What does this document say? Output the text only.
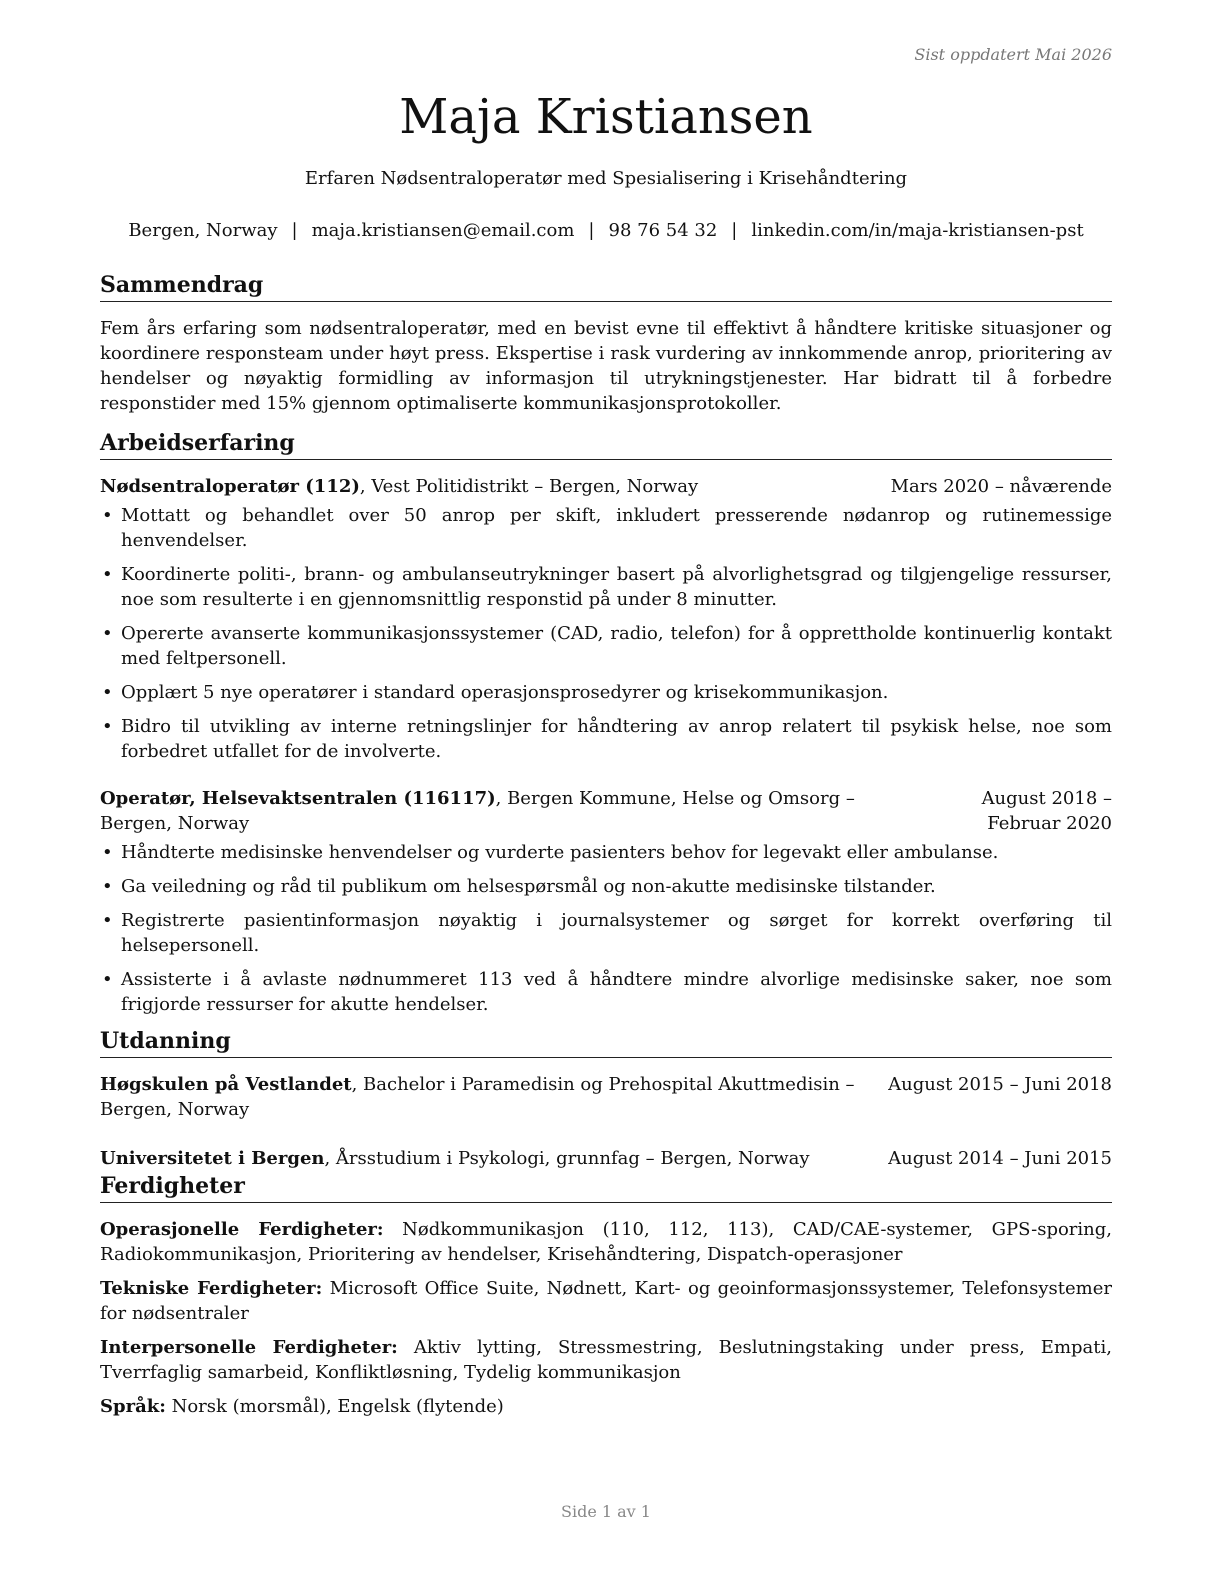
Sist oppdatert Mai 2026
Maja Kristiansen
Erfaren Nødsentraloperatør med Spesialisering i Krisehåndtering
Bergen, Norway | maja.kristiansen@email.com | 98 76 54 32 | linkedin.com/in/maja-kristiansen-pst
Sammendrag
Fem års erfaring som nødsentraloperatør, med en bevist evne til effektivt å håndtere kritiske situasjoner og koordinere responsteam under høyt press. Ekspertise i rask vurdering av innkommende anrop, prioritering av hendelser og nøyaktig formidling av informasjon til utrykningstjenester. Har bidratt til å forbedre responstider med 15% gjennom optimaliserte kommunikasjonsprotokoller.
Arbeidserfaring
Nødsentraloperatør (112), Vest Politidistrikt – Bergen, Norway	Mars 2020 – nåværende
• Mottatt og behandlet over 50 anrop per skift, inkludert presserende nødanrop og rutinemessige henvendelser.
• Koordinerte politi-, brann- og ambulanseutrykninger basert på alvorlighetsgrad og tilgjengelige ressurser, noe som resulterte i en gjennomsnittlig responstid på under 8 minutter.
• Opererte avanserte kommunikasjonssystemer (CAD, radio, telefon) for å opprettholde kontinuerlig kontakt med feltpersonell.
• Opplært 5 nye operatører i standard operasjonsprosedyrer og krisekommunikasjon.
• Bidro til utvikling av interne retningslinjer for håndtering av anrop relatert til psykisk helse, noe som forbedret utfallet for de involverte.
Operatør, Helsevaktsentralen (116117), Bergen Kommune, Helse og Omsorg – Bergen, Norway
August 2018 – Februar 2020
• Håndterte medisinske henvendelser og vurderte pasienters behov for legevakt eller ambulanse.
• Ga veiledning og råd til publikum om helsespørsmål og non-akutte medisinske tilstander.
• Registrerte pasientinformasjon nøyaktig i journalsystemer og sørget for korrekt overføring til helsepersonell.
• Assisterte i å avlaste nødnummeret 113 ved å håndtere mindre alvorlige medisinske saker, noe som frigjorde ressurser for akutte hendelser.
Utdanning
Høgskulen på Vestlandet, Bachelor i Paramedisin og Prehospital Akuttmedisin – Bergen, Norway
August 2015 – Juni 2018
Universitetet i Bergen, Årsstudium i Psykologi, grunnfag – Bergen, Norway	August 2014 – Juni 2015
Ferdigheter
Operasjonelle Ferdigheter: Nødkommunikasjon (110, 112, 113), CAD/CAE-systemer, GPS-sporing, Radiokommunikasjon, Prioritering av hendelser, Krisehåndtering, Dispatch-operasjoner
Tekniske Ferdigheter: Microsoft Office Suite, Nødnett, Kart- og geoinformasjonssystemer, Telefonsystemer for nødsentraler
Interpersonelle Ferdigheter: Aktiv lytting, Stressmestring, Beslutningstaking under press, Empati, Tverrfaglig samarbeid, Konfliktløsning, Tydelig kommunikasjon
Språk: Norsk (morsmål), Engelsk (flytende)
Side 1 av 1
